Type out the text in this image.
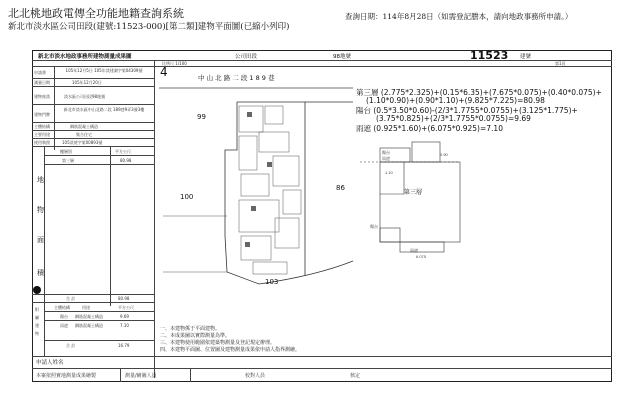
北北桃地政電傳全功能地籍查詢系統
新北市淡水區公司田段(建號:11523-000)[第二類]建物平面圖(已縮小列印)
查詢日期：114年8月28日（如需登記謄本，請向地政事務所申請。）
新北市淡水地政事務所建物測量成果圖	公司田段	98地號	11523 建號
比例尺 1/100	第1頁
申請書	105年12月5日 105年淡建測字第04309號
測量日期	105年12月20日
建物座落	淡水區公司田段98地號
建物門牌
新北市淡水區中山北路二段 189巷9弄3號3樓
主體結構	鋼筋混凝土構造
主要用途	集合住宅
使用執照	105淡使字第00893號
樓層別	平方公尺
第三層	80.98
地
物
面
積
合 計	80.98
附 屬 建 物
主體結構	用途	平方公尺
陽台 鋼筋混凝土構造	9.69
雨遮 鋼筋混凝土構造	7.10
合 計	16.79
申請人姓名
本案依照實地測量成果繪製	測量/繪圖人員	校對人員	核定
4	中 山 北 路 二 段 1 8 9 巷
99
100
103
86
第三層 (2.775*2.325)+(0.15*6.35)+(7.675*0.075)+(0.40*0.075)+
(1.10*0.90)+(0.90*1.10)+(9.825*7.225)=80.98
陽台 (0.5*3.50*0.60)-(2/3*1.7755*0.0755)+(3.125*1.775)+
(3.75*0.825)+(2/3*1.7755*0.0755)=9.69
雨遮 (0.925*1.60)+(6.075*0.925)=7.10
1.10
0.90
6.075
第三層
陽台
雨遮
陽台
雨遮
一、本建物係于平面建物。
二、本成果圖以實際測量為準。
三、本建物使用範圍依建築物測量及登記規定辦理。
四、本建物平面圖、位置圖及建物測量成果依申請人指界測繪。
